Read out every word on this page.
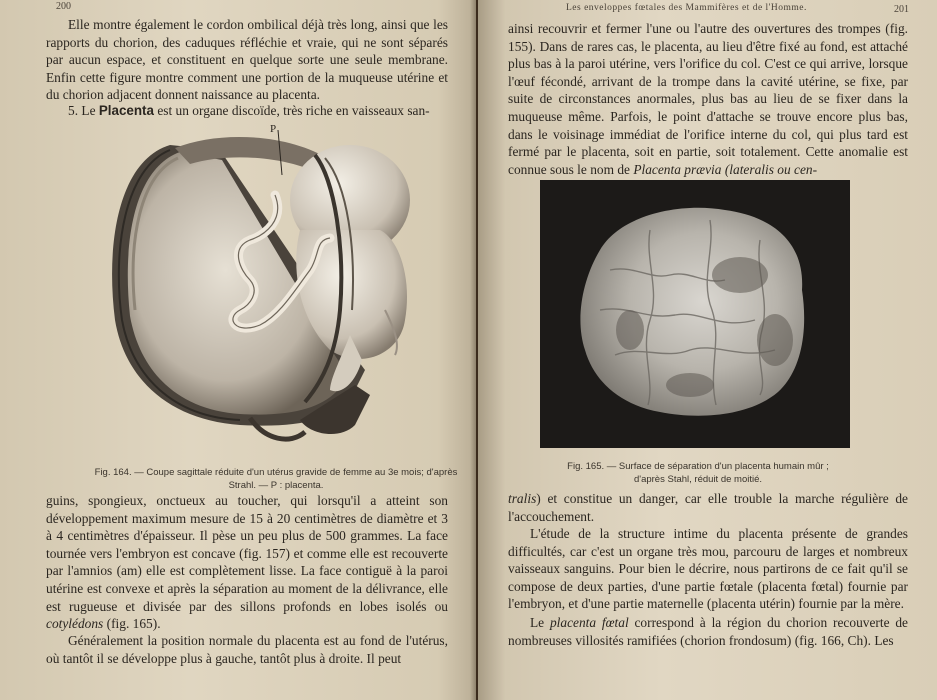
200

Elle montre également le cordon ombilical déjà très long, ainsi que les rapports du chorion, des caduques réfléchie et vraie, qui ne sont séparés par aucun espace, et constituent en quelque sorte une seule membrane. Enfin cette figure montre comment une portion de la muqueuse utérine et du chorion adjacent donnent naissance au placenta.

5. Le Placenta est un organe discoïde, très riche en vaisseaux san-

P
Fig. 164. — Coupe sagittale réduite d'un utérus gravide de femme au 3e mois; d'après Strahl. — P : placenta.

guins, spongieux, onctueux au toucher, qui lorsqu'il a atteint son développement maximum mesure de 15 à 20 centimètres de diamètre et 3 à 4 centimètres d'épaisseur. Il pèse un peu plus de 500 grammes. La face tournée vers l'embryon est concave (fig. 157) et comme elle est recouverte par l'amnios (am) elle est complètement lisse. La face contiguë à la paroi utérine est convexe et après la séparation au moment de la délivrance, elle est rugueuse et divisée par des sillons profonds en lobes isolés ou cotylédons (fig. 165).

Généralement la position normale du placenta est au fond de l'utérus, où tantôt il se développe plus à gauche, tantôt plus à droite. Il peut

Les enveloppes fœtales des Mammifères et de l'Homme.	201

ainsi recouvrir et fermer l'une ou l'autre des ouvertures des trompes (fig. 155). Dans de rares cas, le placenta, au lieu d'être fixé au fond, est attaché plus bas à la paroi utérine, vers l'orifice du col. C'est ce qui arrive, lorsque l'œuf fécondé, arrivant de la trompe dans la cavité utérine, se fixe, par suite de circonstances anormales, plus bas au lieu de se fixer dans la muqueuse même. Parfois, le point d'attache se trouve encore plus bas, dans le voisinage immédiat de l'orifice interne du col, qui plus tard est fermé par le placenta, soit en partie, soit totalement. Cette anomalie est connue sous le nom de Placenta prævia (lateralis ou cen-

Fig. 165. — Surface de séparation d'un placenta humain mûr ;
d'après Stahl, réduit de moitié.

tralis) et constitue un danger, car elle trouble la marche régulière de l'accouchement.

L'étude de la structure intime du placenta présente de grandes difficultés, car c'est un organe très mou, parcouru de larges et nombreux vaisseaux sanguins. Pour bien le décrire, nous partirons de ce fait qu'il se compose de deux parties, d'une partie fœtale (placenta fœtal) fournie par l'embryon, et d'une partie maternelle (placenta utérin) fournie par la mère.

Le placenta fœtal correspond à la région du chorion recouverte de nombreuses villosités ramifiées (chorion frondosum) (fig. 166, Ch). Les
